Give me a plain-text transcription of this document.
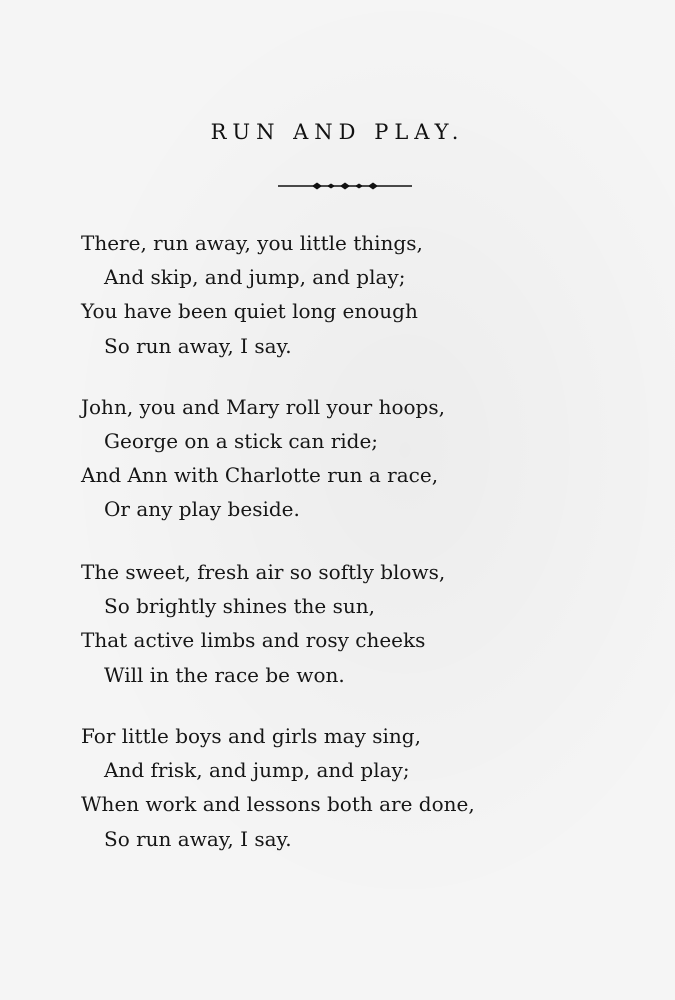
RUN AND PLAY.
There, run away, you little things,
And skip, and jump, and play;
You have been quiet long enough
So run away, I say.
John, you and Mary roll your hoops,
George on a stick can ride;
And Ann with Charlotte run a race,
Or any play beside.
The sweet, fresh air so softly blows,
So brightly shines the sun,
That active limbs and rosy cheeks
Will in the race be won.
For little boys and girls may sing,
And frisk, and jump, and play;
When work and lessons both are done,
So run away, I say.
